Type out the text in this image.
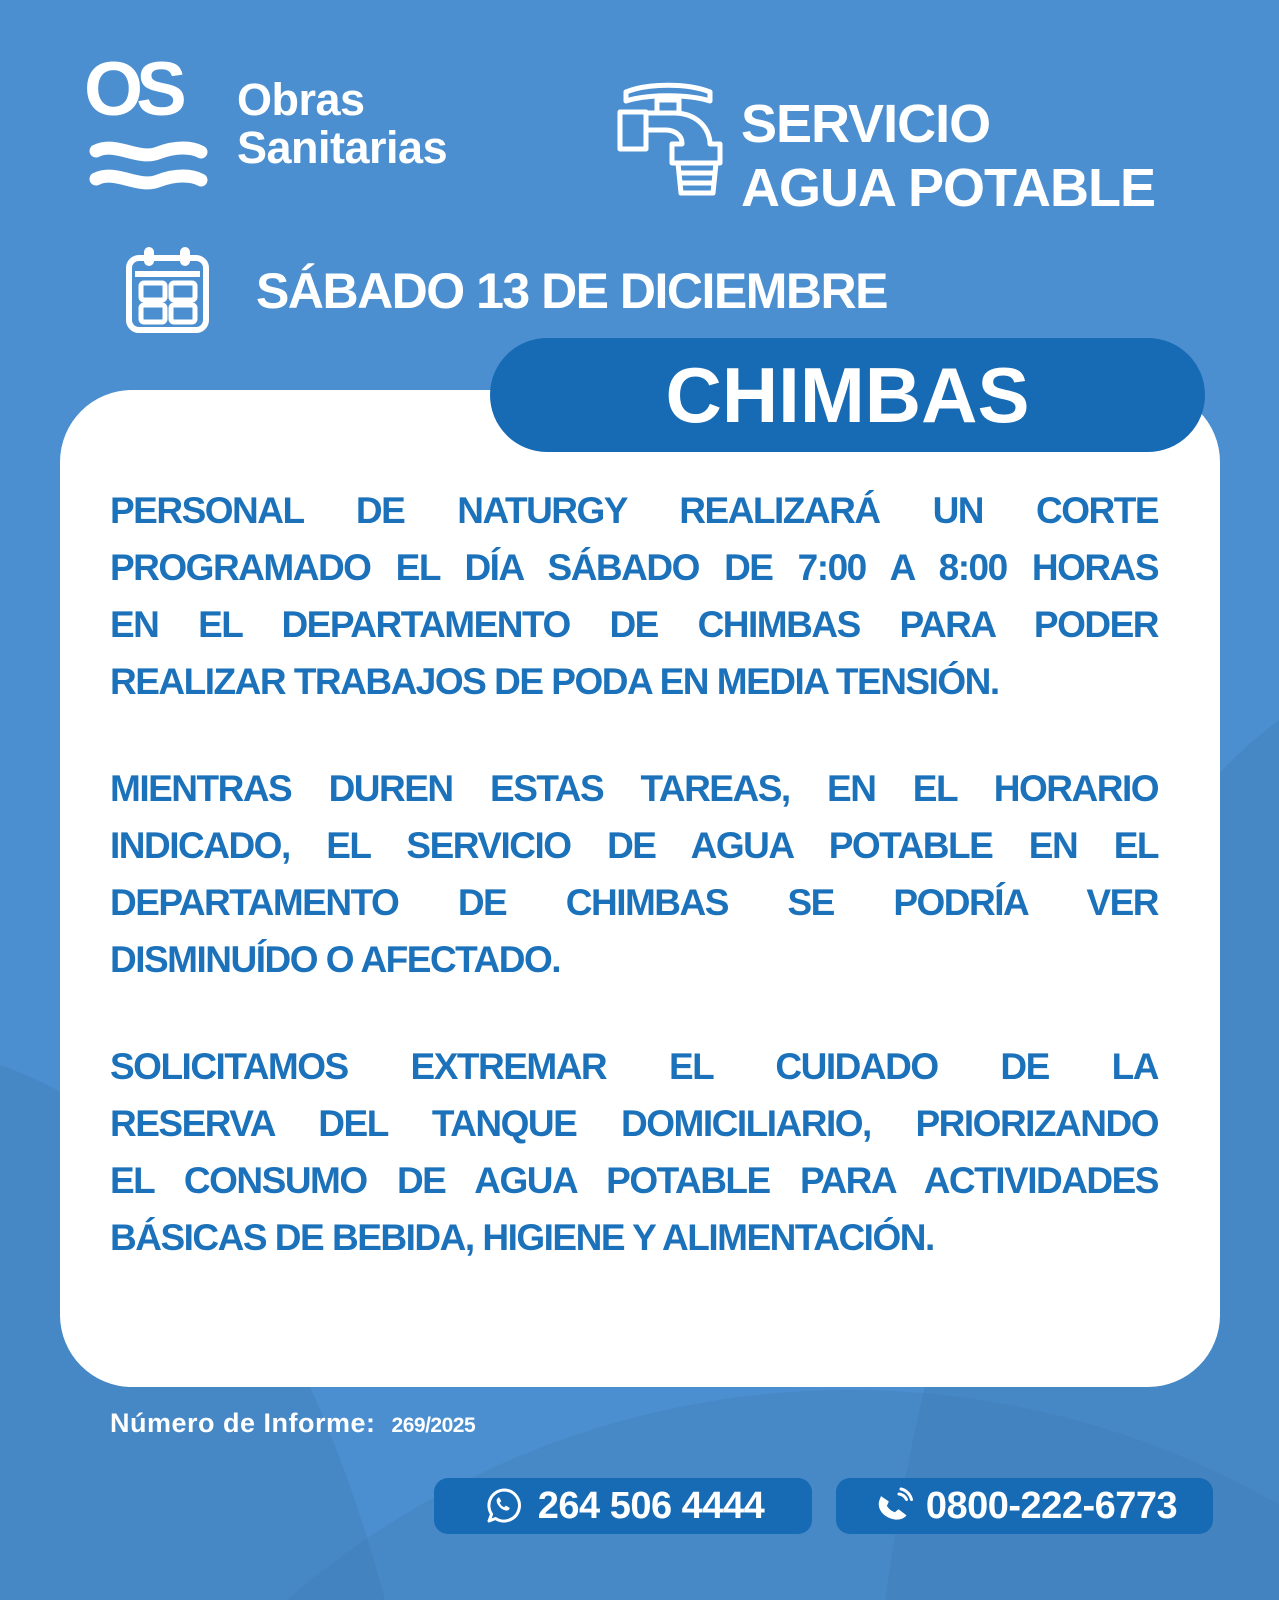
OS Obras
Sanitarias	SERVICIO
AGUA POTABLE
SÁBADO 13 DE DICIEMBRE
PERSONAL DE NATURGY REALIZARÁ UN CORTE
PROGRAMADO EL DÍA SÁBADO DE 7:00 A 8:00 HORAS
EN EL DEPARTAMENTO DE CHIMBAS PARA PODER
REALIZAR TRABAJOS DE PODA EN MEDIA TENSIÓN.
MIENTRAS DUREN ESTAS TAREAS, EN EL HORARIO
INDICADO, EL SERVICIO DE AGUA POTABLE EN EL
DEPARTAMENTO DE CHIMBAS SE PODRÍA VER
DISMINUÍDO O AFECTADO.
SOLICITAMOS EXTREMAR EL CUIDADO DE LA
RESERVA DEL TANQUE DOMICILIARIO, PRIORIZANDO
EL CONSUMO DE AGUA POTABLE PARA ACTIVIDADES
BÁSICAS DE BEBIDA, HIGIENE Y ALIMENTACIÓN.
CHIMBAS
Número de Informe: 269/2025
264 506 4444	0800-222-6773
